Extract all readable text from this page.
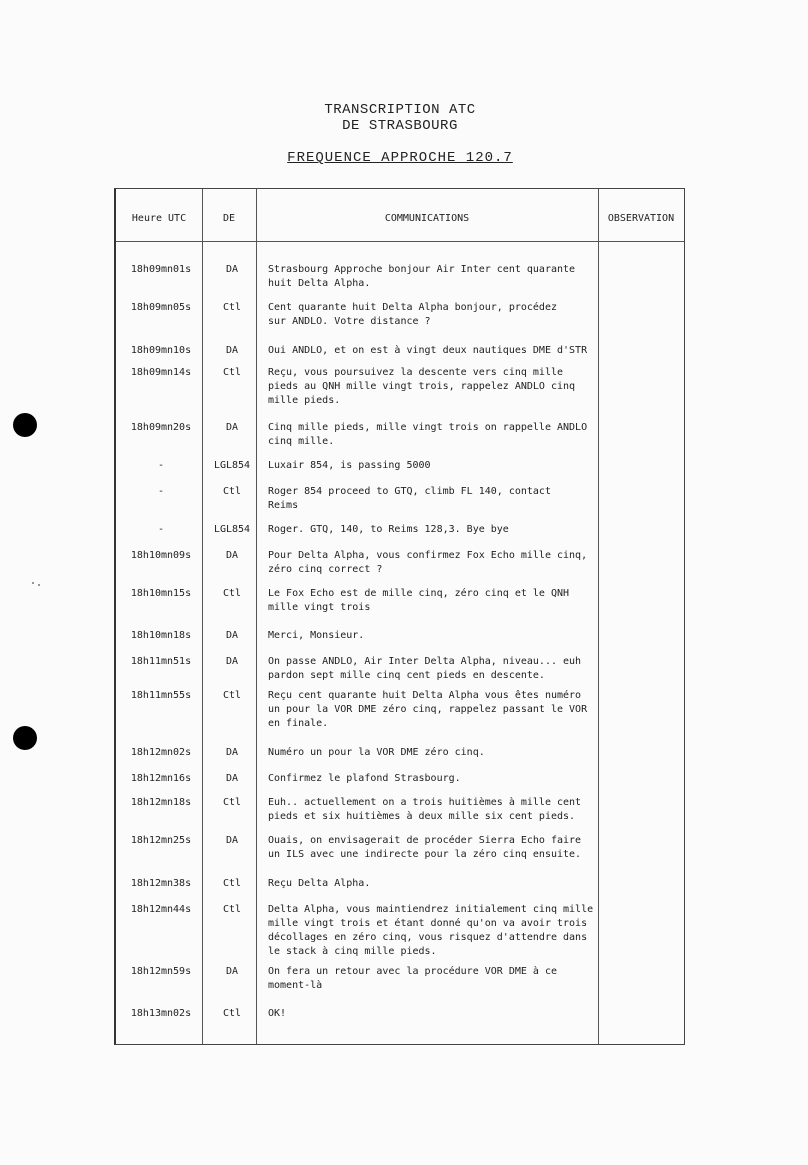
TRANSCRIPTION ATC
DE STRASBOURG
FREQUENCE APPROCHE 120.7
Heure UTC	DE	COMMUNICATIONS	OBSERVATION
18h09mn01s	DA	Strasbourg Approche bonjour Air Inter cent quarante
huit Delta Alpha.
18h09mn05s	Ctl	Cent quarante huit Delta Alpha bonjour, procédez
sur ANDLO. Votre distance ?
18h09mn10s	DA	Oui ANDLO, et on est à vingt deux nautiques DME d'STR
18h09mn14s	Ctl	Reçu, vous poursuivez la descente vers cinq mille
pieds au QNH mille vingt trois, rappelez ANDLO cinq
mille pieds.
18h09mn20s	DA	Cinq mille pieds, mille vingt trois on rappelle ANDLO
cinq mille.
-	LGL854	Luxair 854, is passing 5000
-	Ctl	Roger 854 proceed to GTQ, climb FL 140, contact
Reims
-	LGL854	Roger. GTQ, 140, to Reims 128,3. Bye bye
18h10mn09s	DA	Pour Delta Alpha, vous confirmez Fox Echo mille cinq,
zéro cinq correct ?
18h10mn15s	Ctl	Le Fox Echo est de mille cinq, zéro cinq et le QNH
mille vingt trois
18h10mn18s	DA	Merci, Monsieur.
18h11mn51s	DA	On passe ANDLO, Air Inter Delta Alpha, niveau... euh
pardon sept mille cinq cent pieds en descente.
18h11mn55s	Ctl	Reçu cent quarante huit Delta Alpha vous êtes numéro
un pour la VOR DME zéro cinq, rappelez passant le VOR
en finale.
18h12mn02s	DA	Numéro un pour la VOR DME zéro cinq.
18h12mn16s	DA	Confirmez le plafond Strasbourg.
18h12mn18s	Ctl	Euh.. actuellement on a trois huitièmes à mille cent
pieds et six huitièmes à deux mille six cent pieds.
18h12mn25s	DA	Ouais, on envisagerait de procéder Sierra Echo faire
un ILS avec une indirecte pour la zéro cinq ensuite.
18h12mn38s	Ctl	Reçu Delta Alpha.
18h12mn44s	Ctl	Delta Alpha, vous maintiendrez initialement cinq mille
mille vingt trois et étant donné qu'on va avoir trois
décollages en zéro cinq, vous risquez d'attendre dans
le stack à cinq mille pieds.
18h12mn59s	DA	On fera un retour avec la procédure VOR DME à ce
moment-là
18h13mn02s	Ctl	OK!
